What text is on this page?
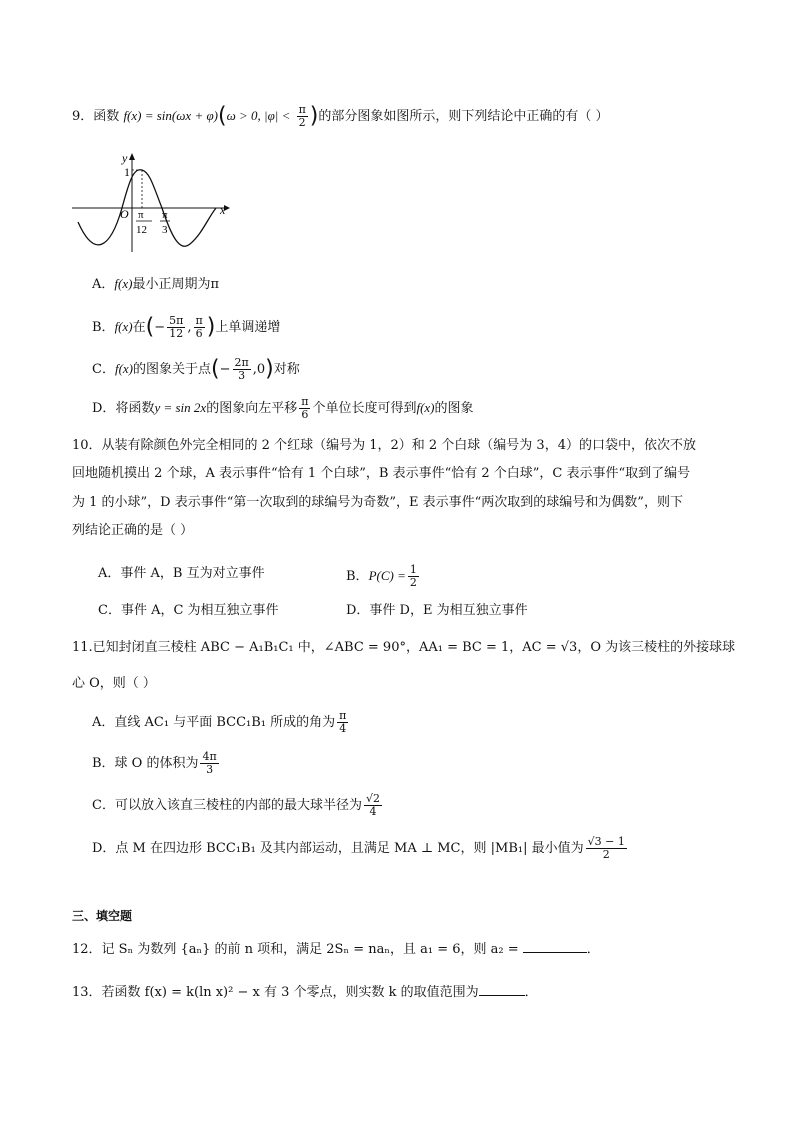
9．函数 f(x) = sin(ωx + φ)(ω > 0, $|\varphi| < \frac{\pi}{2}$ )的部分图象如图所示，则下列结论中正确的有（ ）
y
x
O
1
π
12
π
3
A．f(x)最小正周期为π
B．f(x)在(− $\frac{5\pi}{12}$ , $\frac{\pi}{6}$ )上单调递增
C．f(x)的图象关于点(− $\frac{2\pi}{3} ,0$)对称
D．将函数y = sin 2x的图象向左平移 $\frac{\pi}{6}$ 个单位长度可得到f(x)的图象
10．从装有除颜色外完全相同的 2 个红球（编号为 1，2）和 2 个白球（编号为 3，4）的口袋中，依次不放
回地随机摸出 2 个球，A 表示事件“恰有 1 个白球”，B 表示事件“恰有 2 个白球”，C 表示事件“取到了编号
为 1 的小球”，D 表示事件“第一次取到的球编号为奇数”，E 表示事件“两次取到的球编号和为偶数”，则下
列结论正确的是（ ）
A．事件 A，B 互为对立事件	B．$P(C) = \frac{1}{2}$
C．事件 A，C 为相互独立事件	D．事件 D，E 为相互独立事件
11.已知封闭直三棱柱 ABC − A₁B₁C₁ 中，∠ABC = 90°，AA₁ = BC = 1，AC = √3，O 为该三棱柱的外接球球
心 O，则（ ）
A．直线 AC₁ 与平面 BCC₁B₁ 所成的角为 $\frac{\pi}{4}$
B．球 O 的体积为 $\frac{4\pi}{3}$
C．可以放入该直三棱柱的内部的最大球半径为 $\frac{√2}{4}$
D．点 M 在四边形 BCC₁B₁ 及其内部运动，且满足 MA ⊥ MC，则 |MB₁| 最小值为 $\frac{√3 - 1}{2}$
三、填空题
12．记 Sₙ 为数列 {aₙ} 的前 n 项和，满足 2Sₙ = naₙ，且 a₁ = 6，则 a₂ =	．
13．若函数 f(x) = k(ln x)² − x 有 3 个零点，则实数 k 的取值范围为	．
